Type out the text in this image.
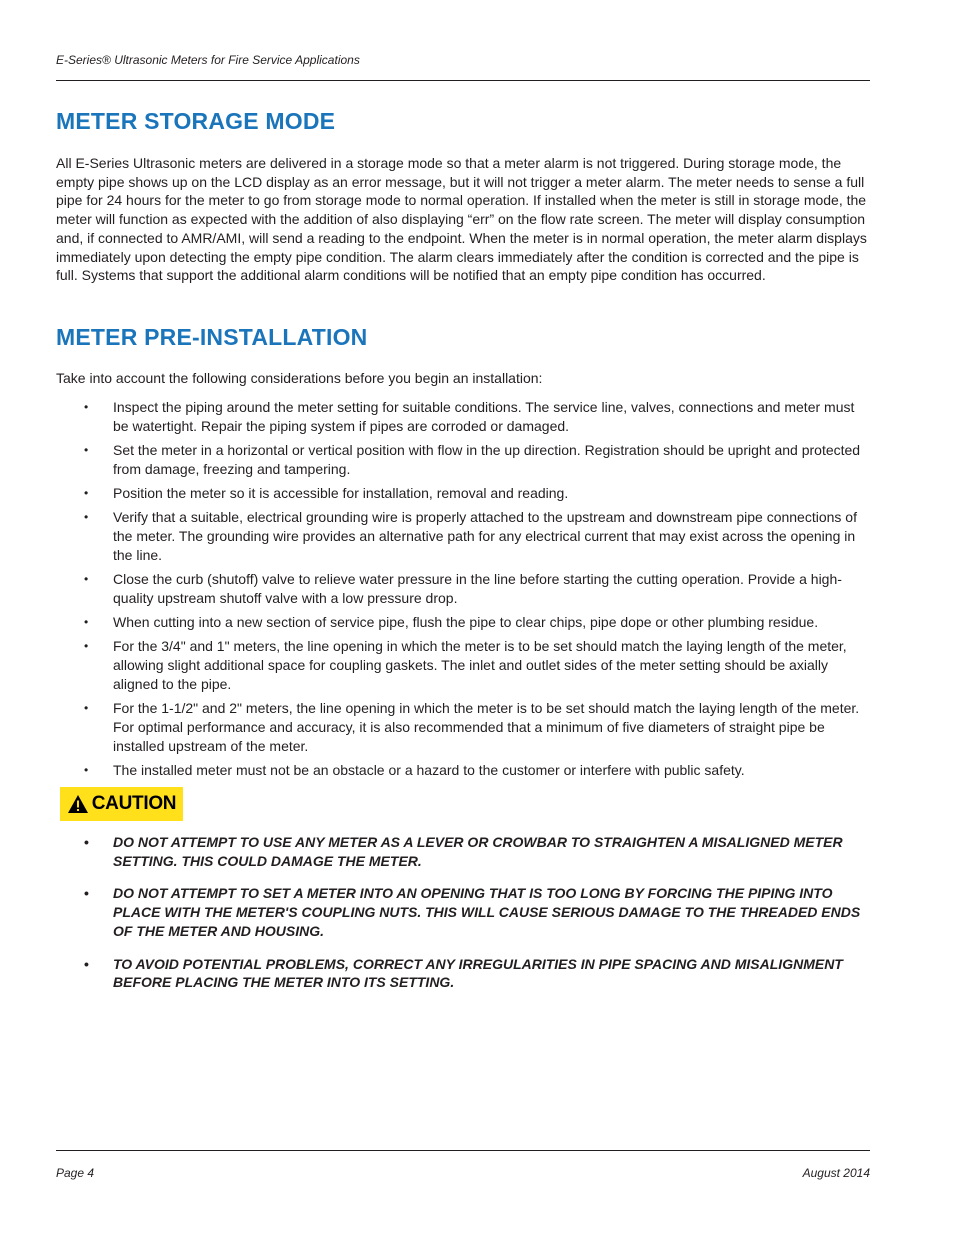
E-Series® Ultrasonic Meters for Fire Service Applications
METER STORAGE MODE

All E-Series Ultrasonic meters are delivered in a storage mode so that a meter alarm is not triggered. During storage mode, the empty pipe shows up on the LCD display as an error message, but it will not trigger a meter alarm. The meter needs to sense a full pipe for 24 hours for the meter to go from storage mode to normal operation. If installed when the meter is still in storage mode, the meter will function as expected with the addition of also displaying “err” on the flow rate screen. The meter will display consumption and, if connected to AMR/AMI, will send a reading to the endpoint. When the meter is in normal operation, the meter alarm displays immediately upon detecting the empty pipe condition. The alarm clears immediately after the condition is corrected and the pipe is full. Systems that support the additional alarm conditions will be notified that an empty pipe condition has occurred.

METER PRE-INSTALLATION

Take into account the following considerations before you begin an installation:

• Inspect the piping around the meter setting for suitable conditions. The service line, valves, connections and meter must be watertight. Repair the piping system if pipes are corroded or damaged.
• Set the meter in a horizontal or vertical position with flow in the up direction. Registration should be upright and protected from damage, freezing and tampering.
• Position the meter so it is accessible for installation, removal and reading.
• Verify that a suitable, electrical grounding wire is properly attached to the upstream and downstream pipe connections of the meter. The grounding wire provides an alternative path for any electrical current that may exist across the opening in the line.
• Close the curb (shutoff) valve to relieve water pressure in the line before starting the cutting operation. Provide a high-quality upstream shutoff valve with a low pressure drop.
• When cutting into a new section of service pipe, flush the pipe to clear chips, pipe dope or other plumbing residue.
• For the 3/4" and 1" meters, the line opening in which the meter is to be set should match the laying length of the meter, allowing slight additional space for coupling gaskets. The inlet and outlet sides of the meter setting should be axially aligned to the pipe.
• For the 1-1/2" and 2" meters, the line opening in which the meter is to be set should match the laying length of the meter. For optimal performance and accuracy, it is also recommended that a minimum of five diameters of straight pipe be installed upstream of the meter.
• The installed meter must not be an obstacle or a hazard to the customer or interfere with public safety.
CAUTION
• DO NOT ATTEMPT TO USE ANY METER AS A LEVER OR CROWBAR TO STRAIGHTEN A MISALIGNED METER SETTING. THIS COULD DAMAGE THE METER.
• DO NOT ATTEMPT TO SET A METER INTO AN OPENING THAT IS TOO LONG BY FORCING THE PIPING INTO PLACE WITH THE METER'S COUPLING NUTS. THIS WILL CAUSE SERIOUS DAMAGE TO THE THREADED ENDS OF THE METER AND HOUSING.
• TO AVOID POTENTIAL PROBLEMS, CORRECT ANY IRREGULARITIES IN PIPE SPACING AND MISALIGNMENT BEFORE PLACING THE METER INTO ITS SETTING.
Page 4	August 2014
